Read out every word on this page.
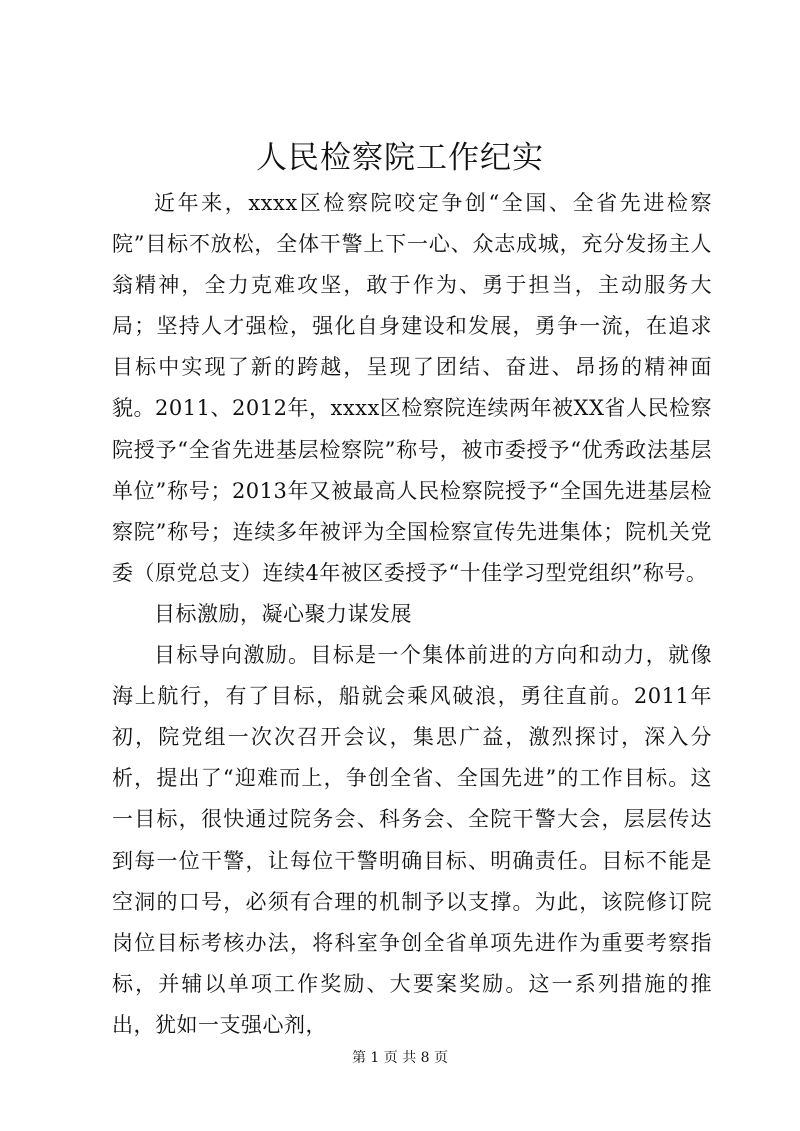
人民检察院工作纪实

近年来，xxxx区检察院咬定争创“全国、全省先进检察院”目标不放松，全体干警上下一心、众志成城，充分发扬主人翁精神，全力克难攻坚，敢于作为、勇于担当，主动服务大局；坚持人才强检，强化自身建设和发展，勇争一流，在追求目标中实现了新的跨越，呈现了团结、奋进、昂扬的精神面貌。2011、2012年，xxxx区检察院连续两年被XX省人民检察院授予“全省先进基层检察院”称号，被市委授予“优秀政法基层单位”称号；2013年又被最高人民检察院授予“全国先进基层检察院”称号；连续多年被评为全国检察宣传先进集体；院机关党委（原党总支）连续4年被区委授予“十佳学习型党组织”称号。

目标激励，凝心聚力谋发展

目标导向激励。目标是一个集体前进的方向和动力，就像海上航行，有了目标，船就会乘风破浪，勇往直前。2011年初，院党组一次次召开会议，集思广益，激烈探讨，深入分析，提出了“迎难而上，争创全省、全国先进”的工作目标。这一目标，很快通过院务会、科务会、全院干警大会，层层传达到每一位干警，让每位干警明确目标、明确责任。目标不能是空洞的口号，必须有合理的机制予以支撑。为此，该院修订院岗位目标考核办法，将科室争创全省单项先进作为重要考察指标，并辅以单项工作奖励、大要案奖励。这一系列措施的推出，犹如一支强心剂，

第 1 页 共 8 页
